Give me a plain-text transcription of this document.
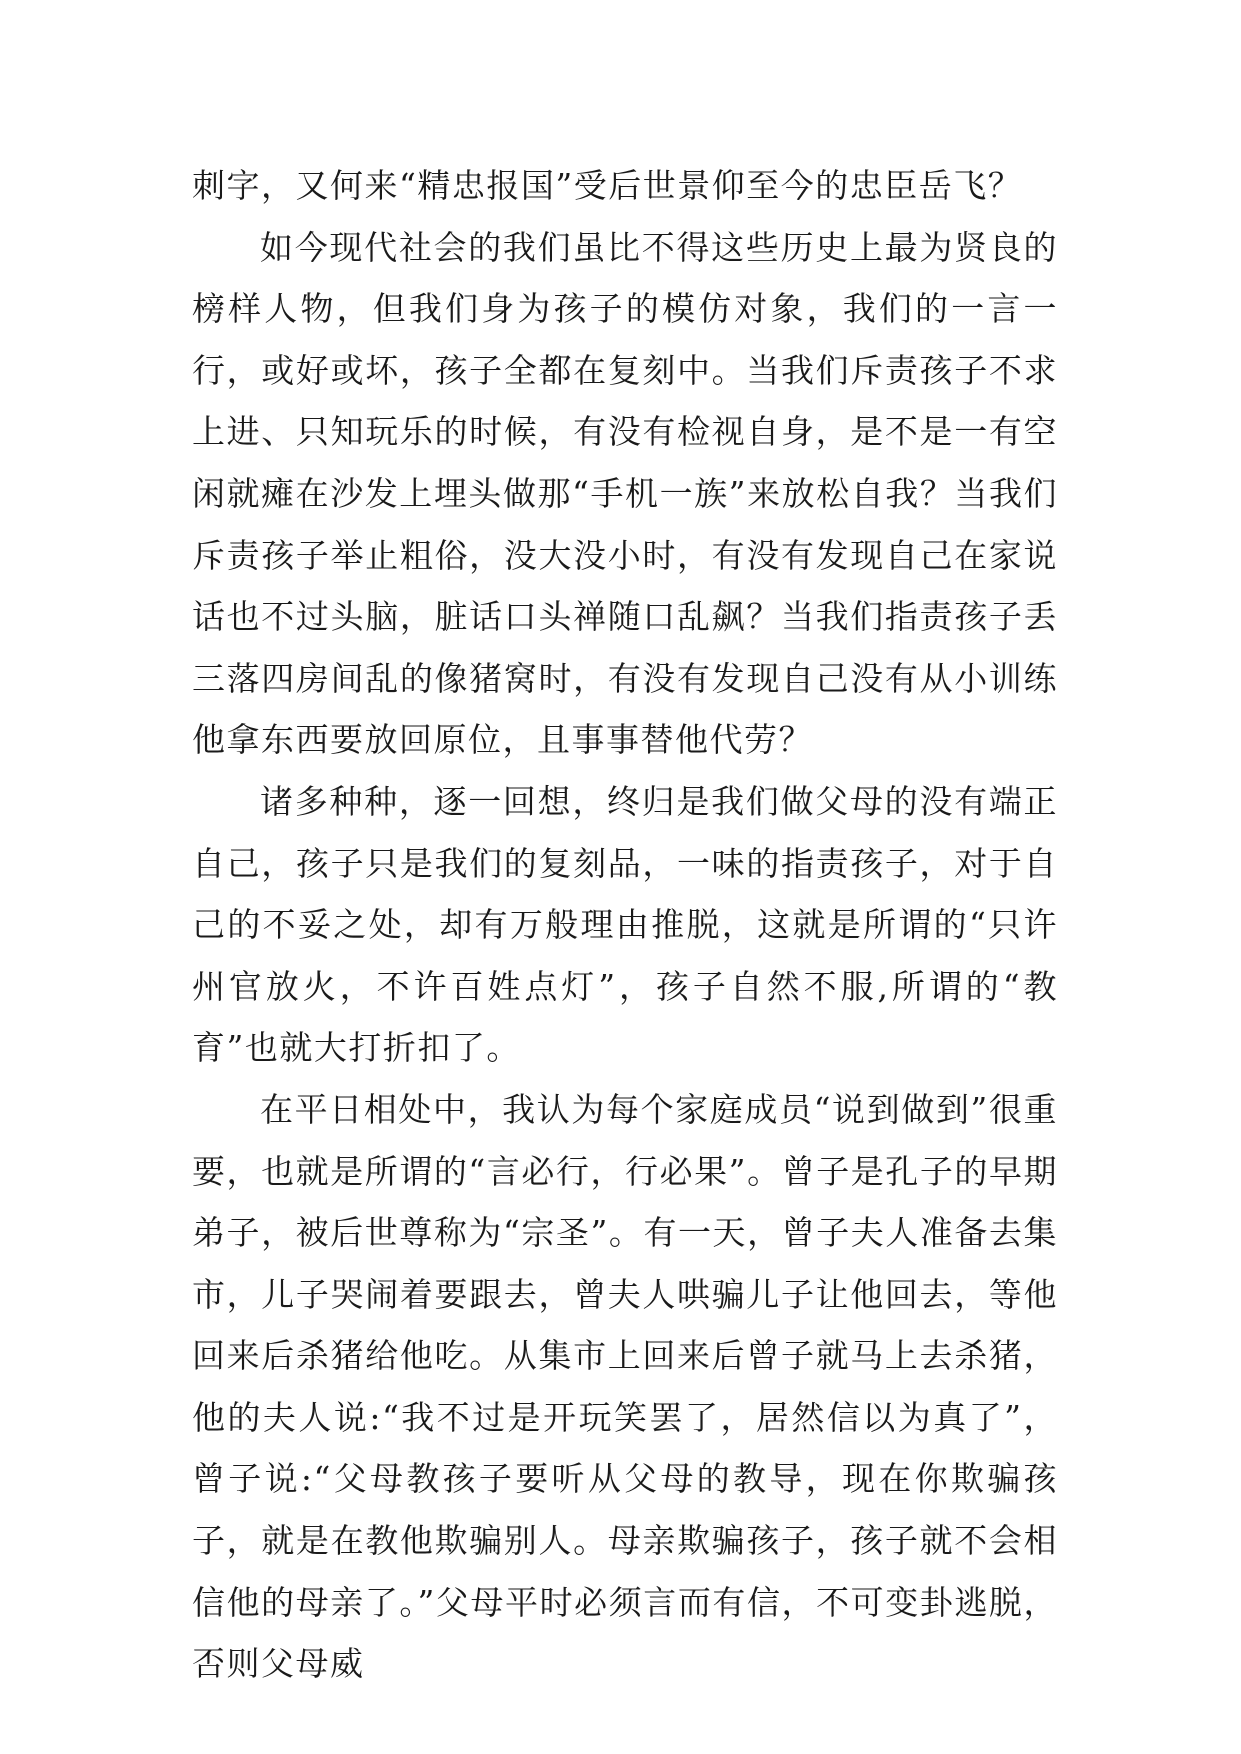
刺字，又何来“精忠报国”受后世景仰至今的忠臣岳飞？

如今现代社会的我们虽比不得这些历史上最为贤良的榜样人物，但我们身为孩子的模仿对象，我们的一言一行，或好或坏，孩子全都在复刻中。当我们斥责孩子不求上进、只知玩乐的时候，有没有检视自身，是不是一有空闲就瘫在沙发上埋头做那“手机一族”来放松自我？当我们斥责孩子举止粗俗，没大没小时，有没有发现自己在家说话也不过头脑，脏话口头禅随口乱飙？当我们指责孩子丢三落四房间乱的像猪窝时，有没有发现自己没有从小训练他拿东西要放回原位，且事事替他代劳？

诸多种种，逐一回想，终归是我们做父母的没有端正自己，孩子只是我们的复刻品，一味的指责孩子，对于自己的不妥之处，却有万般理由推脱，这就是所谓的“只许州官放火，不许百姓点灯”，孩子自然不服,所谓的“教育”也就大打折扣了。

在平日相处中，我认为每个家庭成员“说到做到”很重要，也就是所谓的“言必行，行必果”。曾子是孔子的早期弟子，被后世尊称为“宗圣”。有一天，曾子夫人准备去集市，儿子哭闹着要跟去，曾夫人哄骗儿子让他回去，等他回来后杀猪给他吃。从集市上回来后曾子就马上去杀猪，他的夫人说:“我不过是开玩笑罢了，居然信以为真了”，曾子说:“父母教孩子要听从父母的教导，现在你欺骗孩子，就是在教他欺骗别人。母亲欺骗孩子，孩子就不会相信他的母亲了。”父母平时必须言而有信，不可变卦逃脱，否则父母威
